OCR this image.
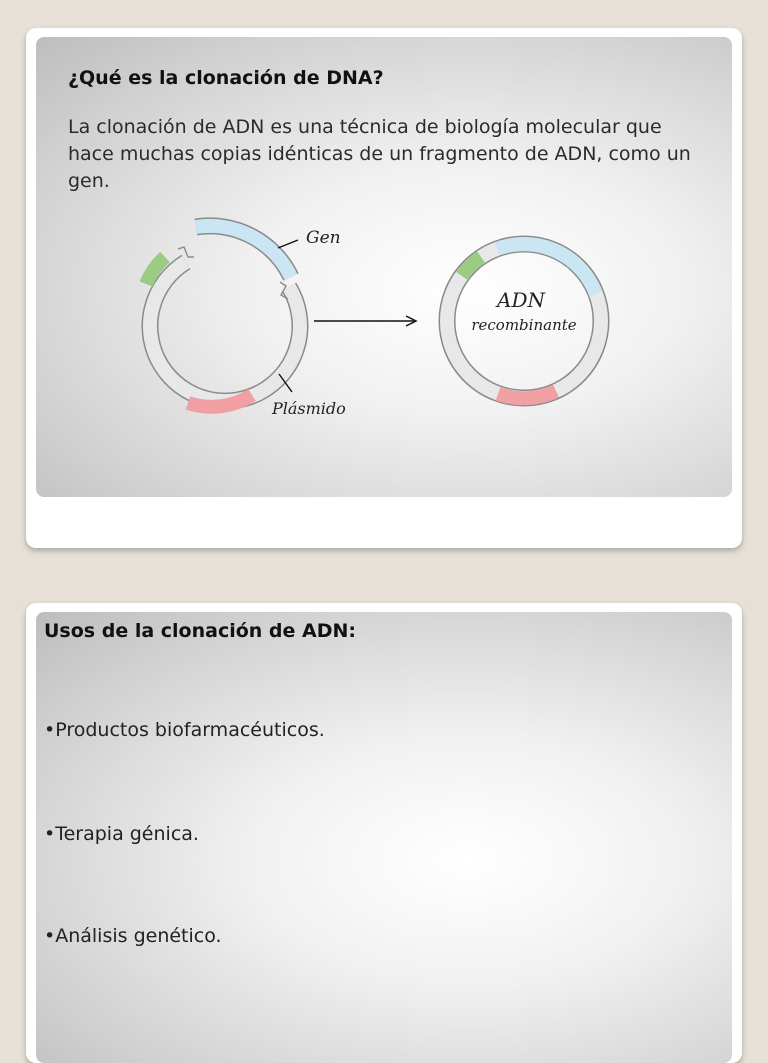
¿Qué es la clonación de DNA?

La clonación de ADN es una técnica de biología molecular que hace muchas copias idénticas de un fragmento de ADN, como un gen.

Gen
Plásmido
ADN
recombinante
Usos de la clonación de ADN:

•Productos biofarmacéuticos.

•Terapia génica.

•Análisis genético.
